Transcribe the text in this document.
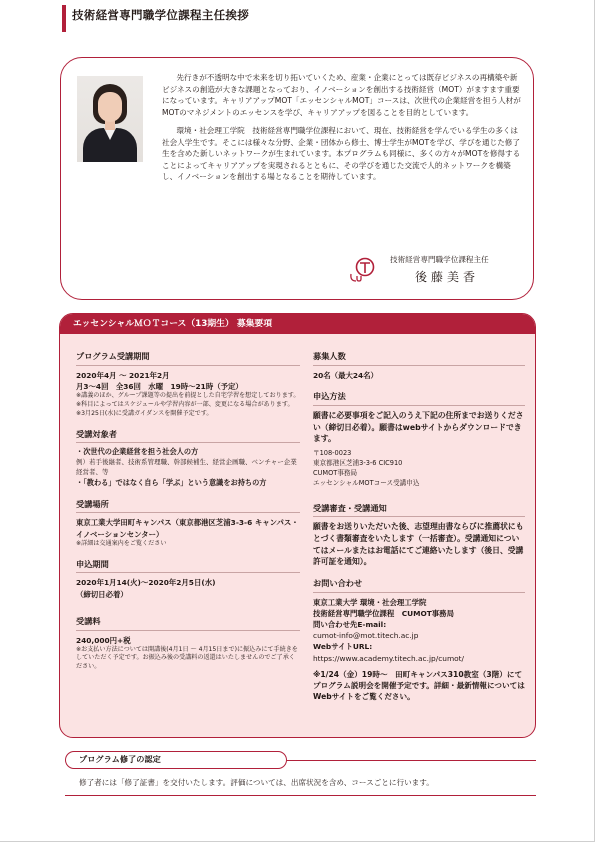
技術経営専門職学位課程主任挨拶

先行きが不透明な中で未来を切り拓いていくため、産業・企業にとっては既存ビジネスの再構築や新ビジネスの創造が大きな課題となっており、イノベーションを創出する技術経営（MOT）がますます重要になっています。キャリアアップMOT「エッセンシャルMOT」コースは、次世代の企業経営を担う人材がMOTのマネジメントのエッセンスを学び、キャリアアップを図ることを目的としています。

環境・社会理工学院　技術経営専門職学位課程において、現在、技術経営を学んでいる学生の多くは社会人学生です。そこには様々な分野、企業・団体から修士、博士学生がMOTを学び、学びを通じた修了生を含めた新しいネットワークが生まれています。本プログラムも同様に、多くの方々がMOTを修得することによってキャリアアップを実現されるとともに、その学びを通じた交流で人的ネットワークを構築し、イノベーションを創出する場となることを期待しています。

技術経営専門職学位課程主任
後藤美香
エッセンシャルＭＯＴコース（13期生） 募集要項
プログラム受講期間
2020年4月 ～ 2021年2月
月3～4回　全36回　水曜　19時～21時（予定）
※講義のほか、グループ課題等の提出を前提とした自宅学習を想定しております。
※科目によってはスケジュールや学習内容が一部、変更になる場合があります。
※3月25日(水)に受講ガイダンスを開催予定です。
受講対象者
・次世代の企業経営を担う社会人の方
例）若手後継者、技術系管理職、幹部候補生、経営企画職、ベンチャー企業経営者、等
・「教わる」ではなく自ら「学ぶ」という意識をお持ちの方
受講場所
東京工業大学田町キャンパス（東京都港区芝浦3-3-6 キャンパス・イノベーションセンター）
※詳細は交通案内をご覧ください
申込期間
2020年1月14(火)～2020年2月5日(水)
（締切日必着）
受講料
240,000円+税
※お支払い方法については開講後(4月1日 ～ 4月15日まで)に振込みにて手続きをしていただく予定です。お振込み後の受講料の返還はいたしませんのでご了承ください。
募集人数
20名（最大24名）
申込方法
願書に必要事項をご記入のうえ下記の住所までお送りください（締切日必着）。願書はwebサイトからダウンロードできます。
〒108-0023
東京都港区芝浦3-3-6 CIC910
CUMOT事務局
エッセンシャルMOTコース受講申込
受講審査・受講通知
願書をお送りいただいた後、志望理由書ならびに推薦状にもとづく書類審査をいたします（一括審査）。受講通知についてはメールまたはお電話にてご連絡いたします（後日、受講許可証を通知）。
お問い合わせ
東京工業大学 環境・社会理工学院
技術経営専門職学位課程　CUMOT事務局
問い合わせ先E-mail:
cumot-info@mot.titech.ac.jp
WebサイトURL:
https://www.academy.titech.ac.jp/cumot/
※1/24（金）19時～　田町キャンパス310教室（3階）にてプログラム説明会を開催予定です。詳細・最新情報についてはWebサイトをご覧ください。
プログラム修了の認定
修了者には「修了証書」を交付いたします。評価については、出席状況を含め、コースごとに行います。
